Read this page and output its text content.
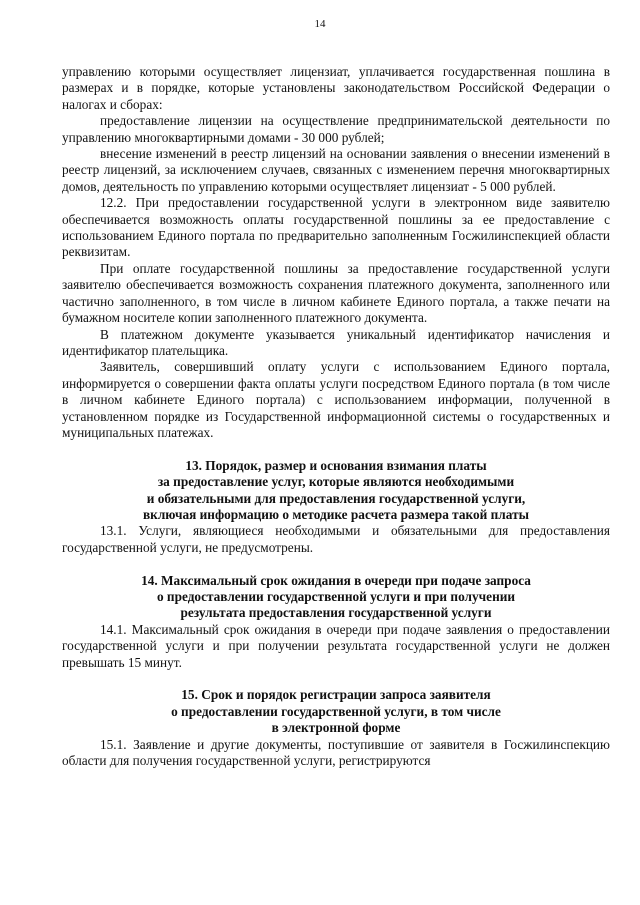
14

управлению которыми осуществляет лицензиат, уплачивается государственная пошлина в размерах и в порядке, которые установлены законодательством Российской Федерации о налогах и сборах:

предоставление лицензии на осуществление предпринимательской деятельности по управлению многоквартирными домами - 30 000 рублей;

внесение изменений в реестр лицензий на основании заявления о внесении изменений в реестр лицензий, за исключением случаев, связанных с изменением перечня многоквартирных домов, деятельность по управлению которыми осуществляет лицензиат - 5 000 рублей.

12.2. При предоставлении государственной услуги в электронном виде заявителю обеспечивается возможность оплаты государственной пошлины за ее предоставление с использованием Единого портала по предварительно заполненным Госжилинспекцией области реквизитам.

При оплате государственной пошлины за предоставление государственной услуги заявителю обеспечивается возможность сохранения платежного документа, заполненного или частично заполненного, в том числе в личном кабинете Единого портала, а также печати на бумажном носителе копии заполненного платежного документа.

В платежном документе указывается уникальный идентификатор начисления и идентификатор плательщика.

Заявитель, совершивший оплату услуги с использованием Единого портала, информируется о совершении факта оплаты услуги посредством Единого портала (в том числе в личном кабинете Единого портала) с использованием информации, полученной в установленном порядке из Государственной информационной системы о государственных и муниципальных платежах.

13. Порядок, размер и основания взимания платы
за предоставление услуг, которые являются необходимыми
и обязательными для предоставления государственной услуги,
включая информацию о методике расчета размера такой платы

13.1. Услуги, являющиеся необходимыми и обязательными для предоставления государственной услуги, не предусмотрены.

14. Максимальный срок ожидания в очереди при подаче запроса
о предоставлении государственной услуги и при получении
результата предоставления государственной услуги

14.1. Максимальный срок ожидания в очереди при подаче заявления о предоставлении государственной услуги и при получении результата государственной услуги не должен превышать 15 минут.

15. Срок и порядок регистрации запроса заявителя
о предоставлении государственной услуги, в том числе
в электронной форме

15.1. Заявление и другие документы, поступившие от заявителя в Госжилинспекцию области для получения государственной услуги, регистрируются
